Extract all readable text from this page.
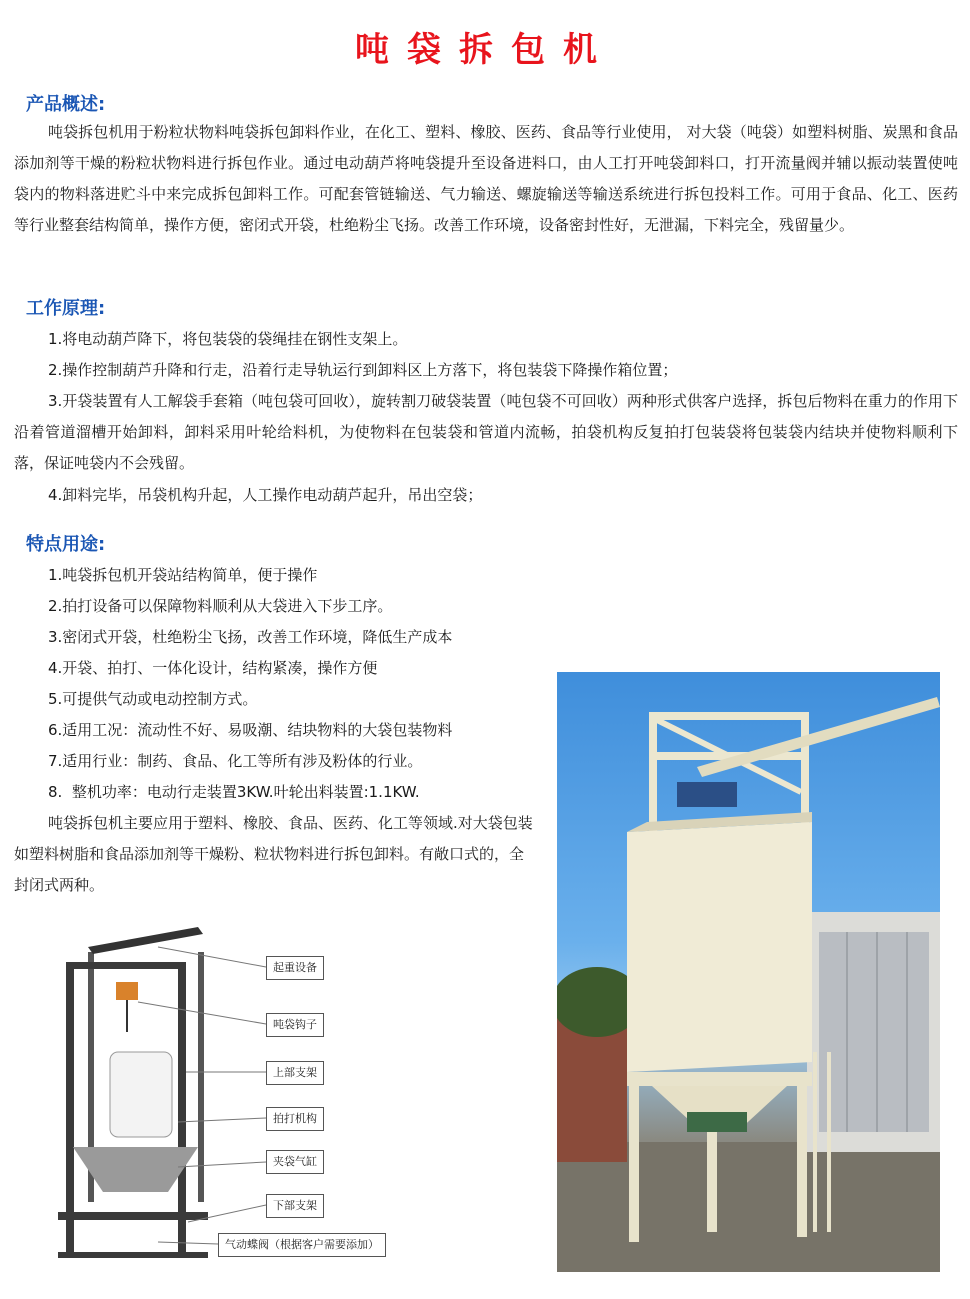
吨袋拆包机
产品概述:

吨袋拆包机用于粉粒状物料吨袋拆包卸料作业，在化工、塑料、橡胶、医药、食品等行业使用， 对大袋（吨袋）如塑料树脂、炭黑和食品添加剂等干燥的粉粒状物料进行拆包作业。通过电动葫芦将吨袋提升至设备进料口，由人工打开吨袋卸料口，打开流量阀并辅以振动装置使吨袋内的物料落进贮斗中来完成拆包卸料工作。可配套管链输送、气力输送、螺旋输送等输送系统进行拆包投料工作。可用于食品、化工、医药等行业整套结构简单，操作方便，密闭式开袋，杜绝粉尘飞扬。改善工作环境，设备密封性好，无泄漏，下料完全，残留量少。

工作原理:
1.将电动葫芦降下，将包装袋的袋绳挂在钢性支架上。
2.操作控制葫芦升降和行走，沿着行走导轨运行到卸料区上方落下，将包装袋下降操作箱位置；

3.开袋装置有人工解袋手套箱（吨包袋可回收），旋转割刀破袋装置（吨包袋不可回收）两种形式供客户选择，拆包后物料在重力的作用下沿着管道溜槽开始卸料，卸料采用叶轮给料机，为使物料在包装袋和管道内流畅，拍袋机构反复拍打包装袋将包装袋内结块并使物料顺利下落，保证吨袋内不会残留。

4.卸料完毕，吊袋机构升起，人工操作电动葫芦起升，吊出空袋；
特点用途:
1.吨袋拆包机开袋站结构简单，便于操作
2.拍打设备可以保障物料顺利从大袋进入下步工序。
3.密闭式开袋，杜绝粉尘飞扬，改善工作环境，降低生产成本
4.开袋、拍打、一体化设计，结构紧凑，操作方便
5.可提供气动或电动控制方式。
6.适用工况：流动性不好、易吸潮、结块物料的大袋包装物料
7.适用行业：制药、食品、化工等所有涉及粉体的行业。
8.  整机功率：电动行走装置3KW.叶轮出料装置:1.1KW.

吨袋拆包机主要应用于塑料、橡胶、食品、医药、化工等领域.对大袋包装如塑料树脂和食品添加剂等干燥粉、粒状物料进行拆包卸料。有敞口式的，全封闭式两种。

起重设备
吨袋钩子
上部支架
拍打机构
夹袋气缸
下部支架
气动蝶阀（根据客户需要添加）
